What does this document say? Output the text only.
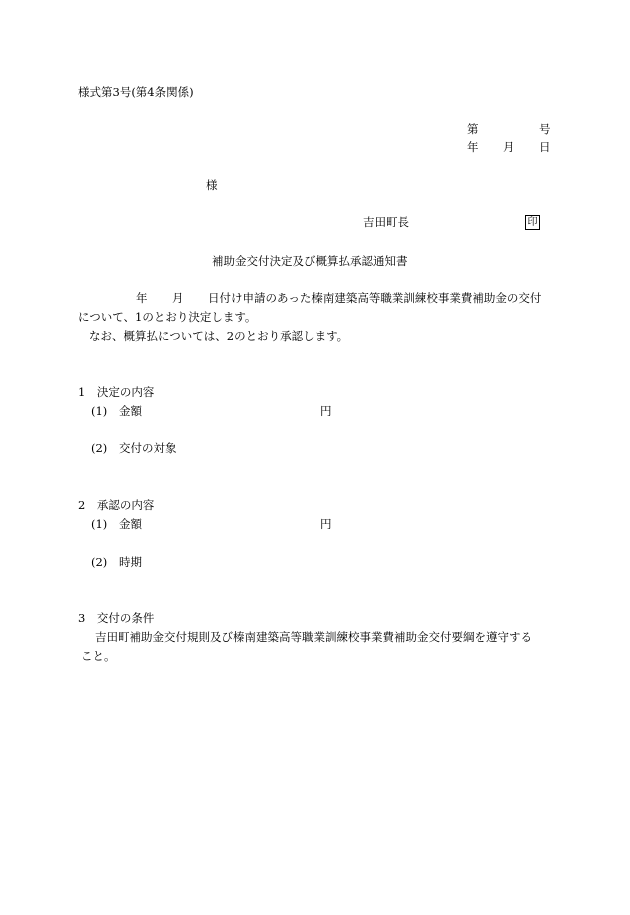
様式第3号(第4条関係)
第	号
年 月 日
様
吉田町長	印
補助金交付決定及び概算払承認通知書
年 月 日付け申請のあった榛南建築高等職業訓練校事業費補助金の交付
について、1のとおり決定します。
なお、概算払については、2のとおり承認します。
1　決定の内容
(1) 金額	円
(2) 交付の対象
2　承認の内容
(1) 金額	円
(2) 時期
3　交付の条件
吉田町補助金交付規則及び榛南建築高等職業訓練校事業費補助金交付要綱を遵守する
こと。
